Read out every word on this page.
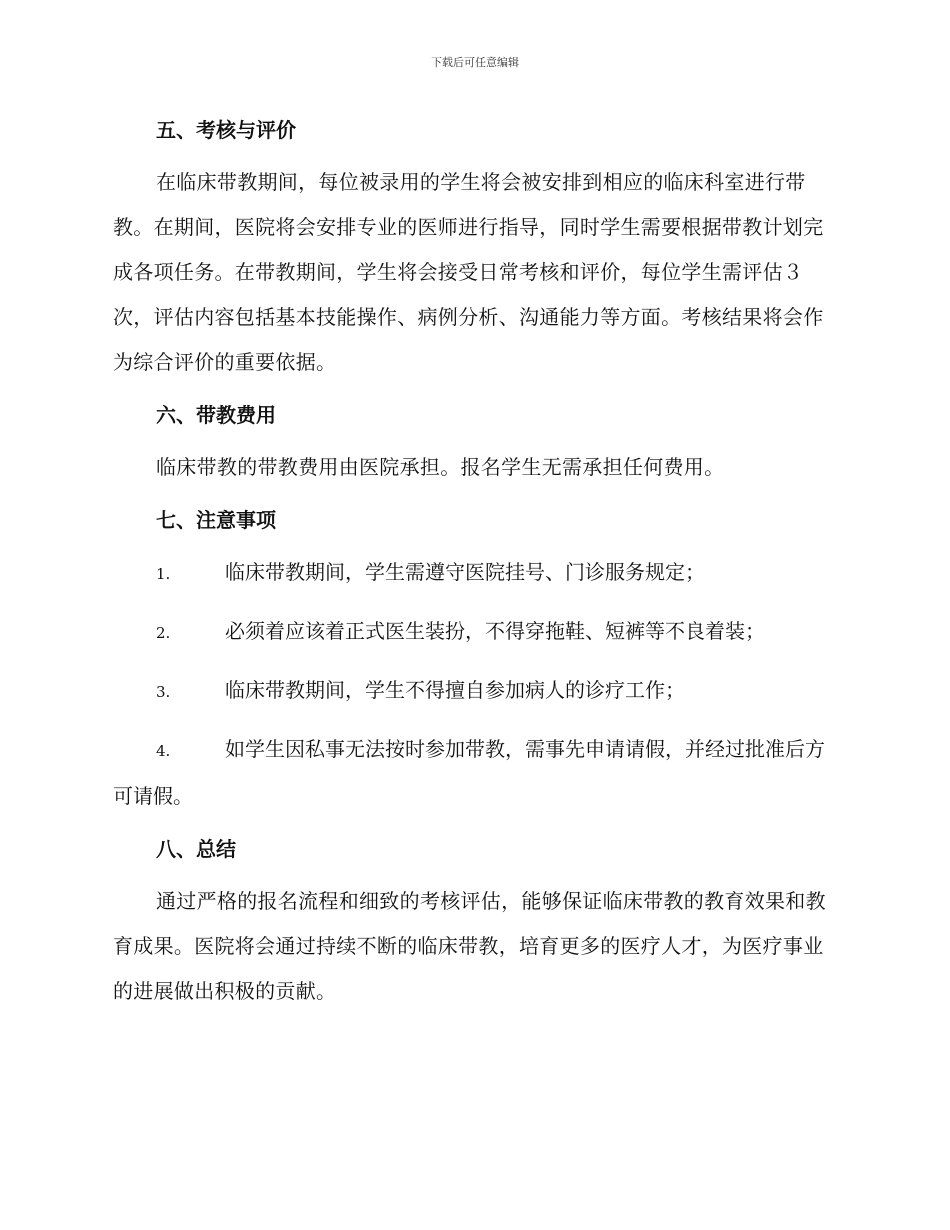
下载后可任意编辑
五、考核与评价

在临床带教期间，每位被录用的学生将会被安排到相应的临床科室进行带教。在期间，医院将会安排专业的医师进行指导，同时学生需要根据带教计划完成各项任务。在带教期间，学生将会接受日常考核和评价，每位学生需评估３次，评估内容包括基本技能操作、病例分析、沟通能力等方面。考核结果将会作为综合评价的重要依据。

六、带教费用

临床带教的带教费用由医院承担。报名学生无需承担任何费用。

七、注意事项

1.	临床带教期间，学生需遵守医院挂号、门诊服务规定；

2.	必须着应该着正式医生装扮，不得穿拖鞋、短裤等不良着装；

3.	临床带教期间，学生不得擅自参加病人的诊疗工作；

4.	如学生因私事无法按时参加带教，需事先申请请假，并经过批准后方可请假。

八、总结

通过严格的报名流程和细致的考核评估，能够保证临床带教的教育效果和教育成果。医院将会通过持续不断的临床带教，培育更多的医疗人才，为医疗事业的进展做出积极的贡献。
